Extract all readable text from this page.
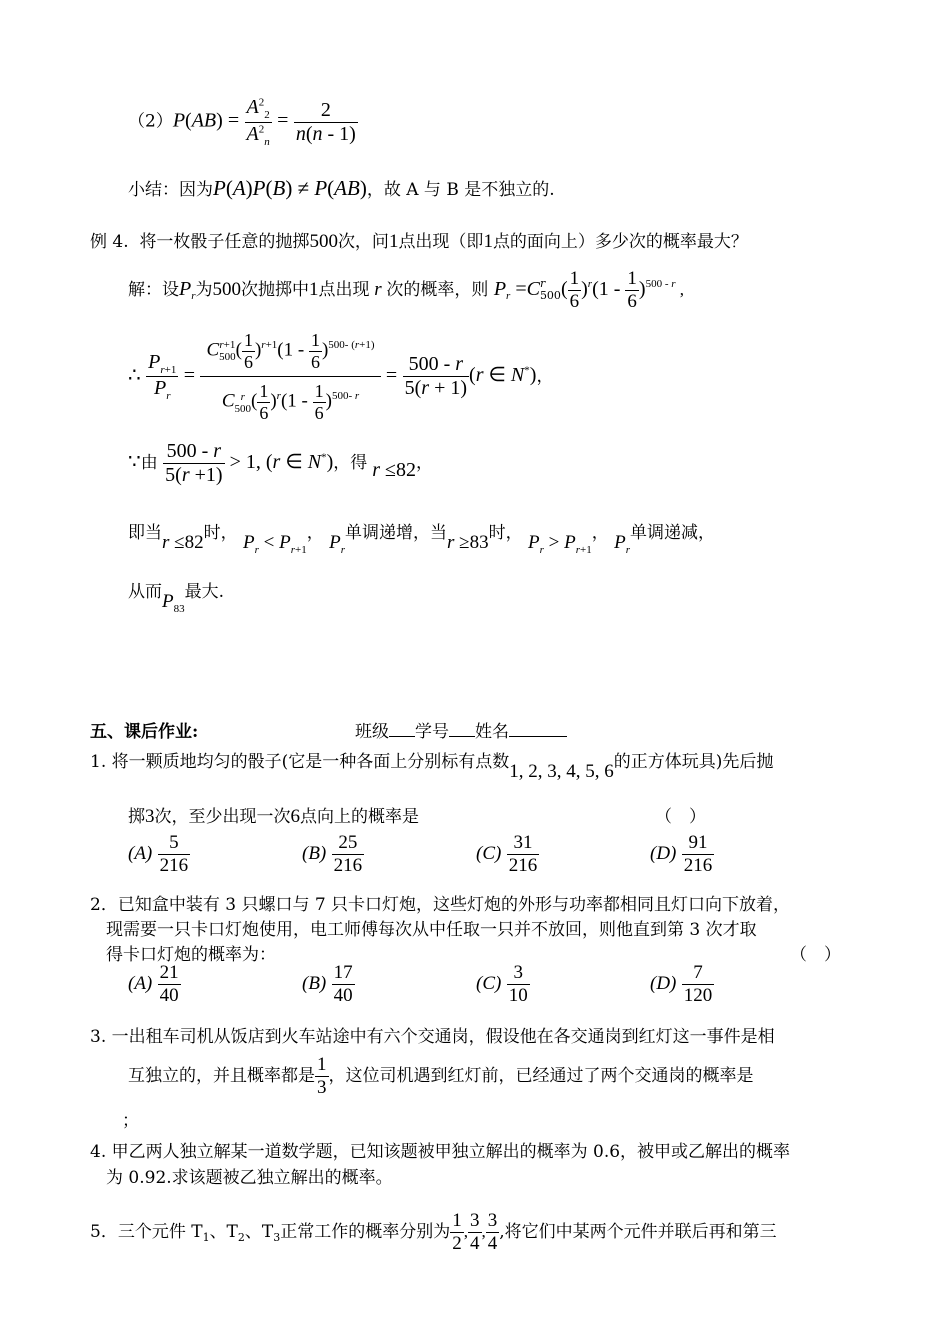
$(2)P(AB) = \frac{A^2_2}{A^2_n} = \frac{2}{n(n - 1)}$
小结：因为P(A)P(B) ≠ P(AB)，故 A 与 B 是不独立的.
例 4. 将一枚骰子任意的抛掷500次，问1点出现（即1点的面向上）多少次的概率最大？
解：设$P_r$为500次抛掷中1点出现 r 次的概率，则 $P_r =Cr$
$500( \frac{1}{6} )^r(1 - \frac{1}{6} )^{500 - r}$ ,
∴ $\frac{P_{r+1}}{P_r}$ =
Cr+1
$500( \frac{1}{6} )^{r+1}(1 - \frac{1}{6} )^{500- (r+1)}$
C r
$500( \frac{1}{6} )^r(1 - \frac{1}{6} )^{500- r}$
= $\frac{500 - r}{5(r + 1)} (r$ ∈ N*)，
∵由 $\frac{500 - r}{5(r +1)} > 1$, (r ∈ N*)，得 r ≤82，
即当r ≤82时， $P_r < P_{r+1}$， $P_r$单调递增，当r ≥83时， $P_r > P_{r+1}$， $P_r$单调递减，
从而$P_{83}$最大.
五、课后作业:	班级 学号 姓名
1. 将一颗质地均匀的骰子(它是一种各面上分别标有点数1, 2, 3, 4, 5, 6的正方体玩具)先后抛
掷3次，至少出现一次6点向上的概率是	（　）
$(A) \frac{5}{216}$	$(B) \frac{25}{216}$	$(C) \frac{31}{216}$	$(D) \frac{91}{216}$
2．已知盒中装有 3 只螺口与 7 只卡口灯炮，这些灯炮的外形与功率都相同且灯口向下放着，
现需要一只卡口灯炮使用，电工师傅每次从中任取一只并不放回，则他直到第 3 次才取
得卡口灯炮的概率为：	（　）
$(A) \frac{21}{40}$	$(B) \frac{17}{40}$	$(C) \frac{3}{10}$	$(D) \frac{7}{120}$
3. 一出租车司机从饭店到火车站途中有六个交通岗，假设他在各交通岗到红灯这一事件是相
互独立的，并且概率都是 $\frac{1}{3}$ ，这位司机遇到红灯前，已经通过了两个交通岗的概率是
；
4. 甲乙两人独立解某一道数学题，已知该题被甲独立解出的概率为 0.6，被甲或乙解出的概率
为 0.92.求该题被乙独立解出的概率。
5．三个元件 $T_1$、$T_2$、$T_3$正常工作的概率分别为 $\frac{1}{2}$ , $\frac{3}{4}$ , $\frac{3}{4}$ ,将它们中某两个元件并联后再和第三
